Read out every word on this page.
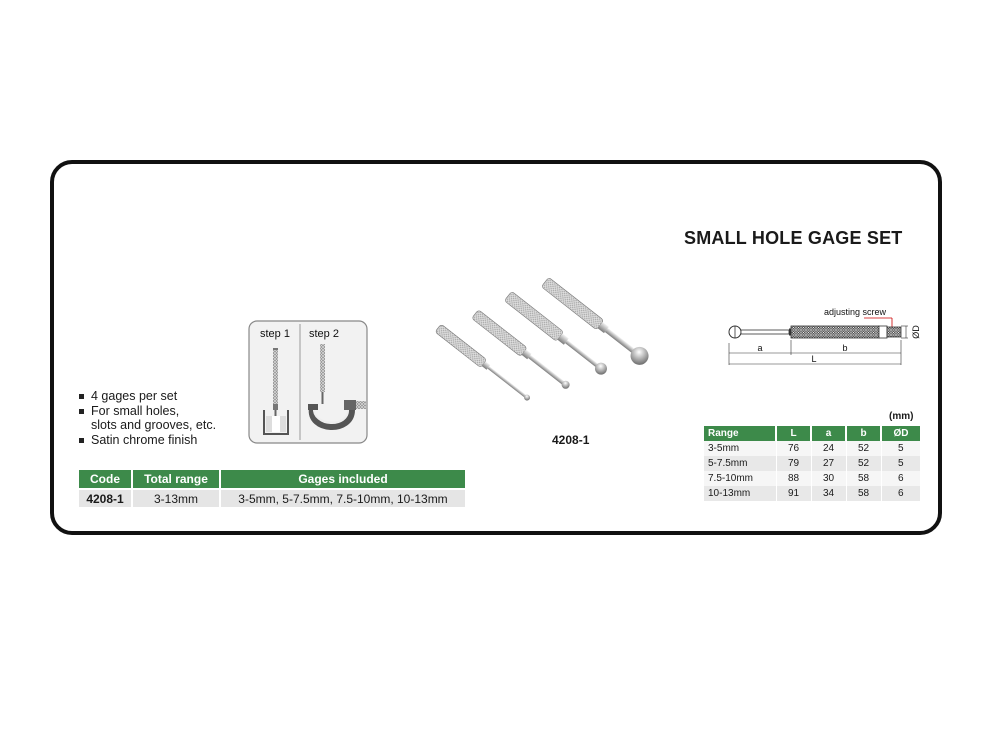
SMALL HOLE GAGE SET
4 gages per set
For small holes,
slots and grooves, etc.
Satin chrome finish
step 1 step 2
4208-1
Code	Total range	Gages included
4208-1	3-13mm	3-5mm, 5-7.5mm, 7.5-10mm, 10-13mm
adjusting screw
ØD
a	b
L
(mm)
Range	L	a	b	ØD
3-5mm	76	24	52	5
5-7.5mm	79	27	52	5
7.5-10mm	88	30	58	6
10-13mm	91	34	58	6
